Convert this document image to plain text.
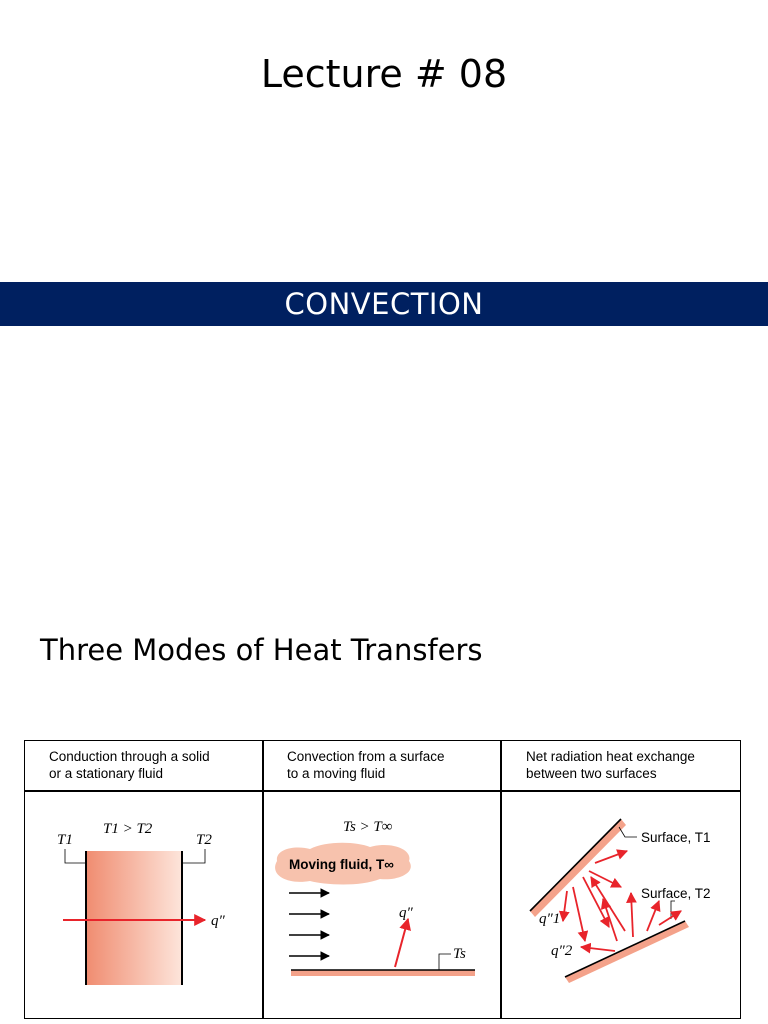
Lecture # 08
CONVECTION
Three Modes of Heat Transfers
Conduction through a solid
or a stationary fluid
Convection from a surface
to a moving fluid
Net radiation heat exchange
between two surfaces
T1 > T2
T1	T2
q″
Moving fluid, T∞
Ts > T∞
q″
Ts
Surface, T1
Surface, T2
q″1
q″2
